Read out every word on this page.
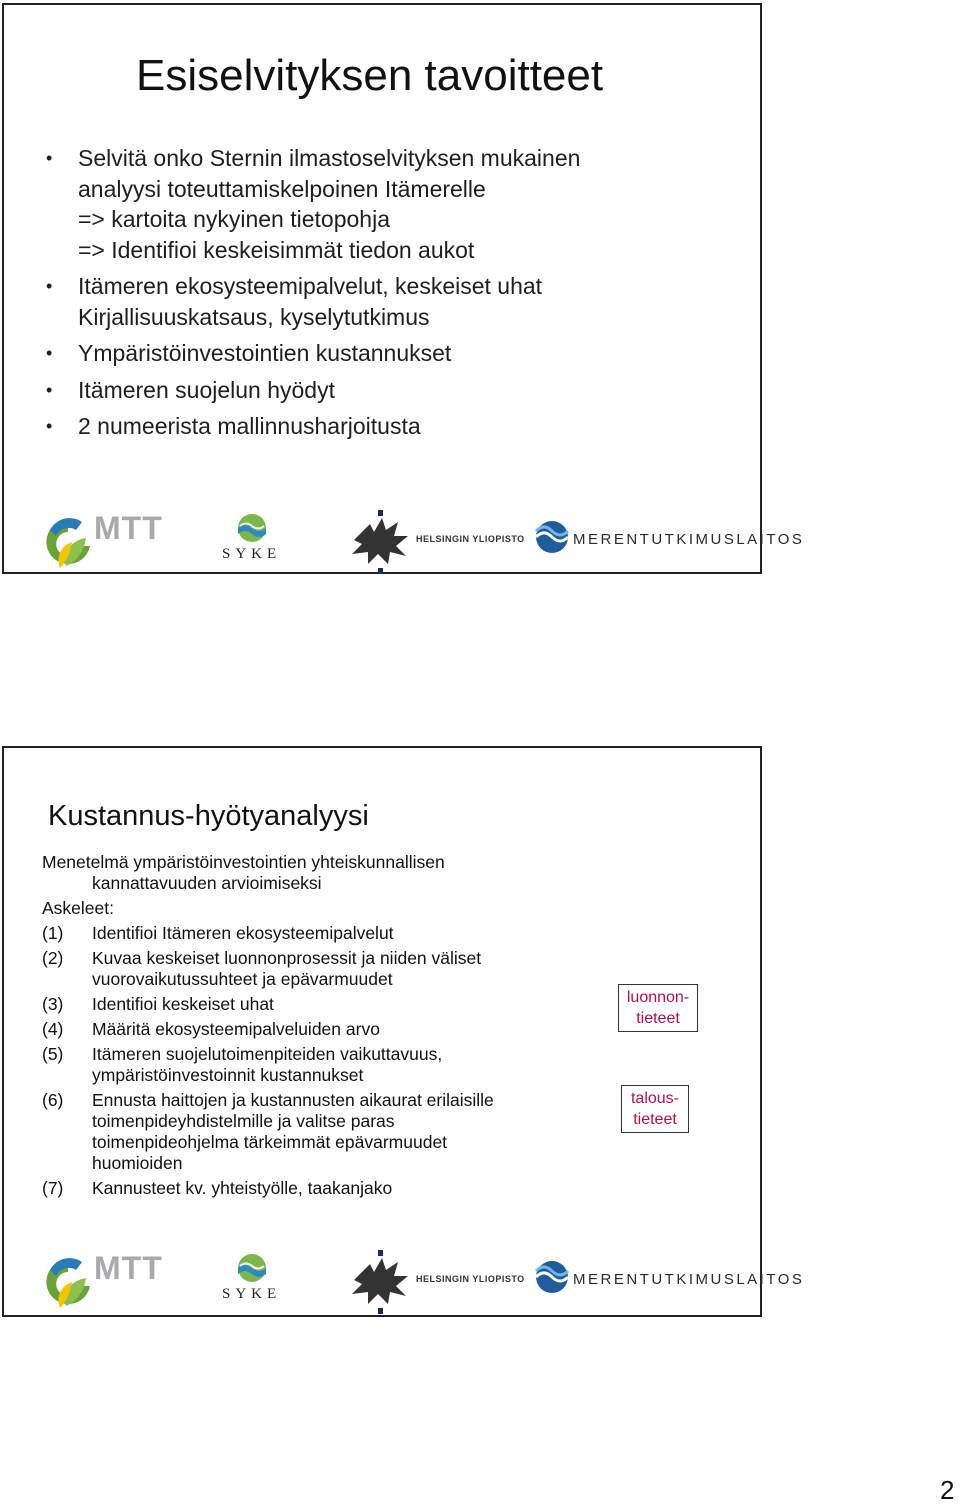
Esiselvityksen tavoitteet
• Selvitä onko Sternin ilmastoselvityksen mukainen
analyysi toteuttamiskelpoinen Itämerelle
=> kartoita nykyinen tietopohja
=> Identifioi keskeisimmät tiedon aukot
• Itämeren ekosysteemipalvelut, keskeiset uhat
Kirjallisuuskatsaus, kyselytutkimus
• Ympäristöinvestointien kustannukset
• Itämeren suojelun hyödyt
• 2 numeerista mallinnusharjoitusta
MTT
SYKE
HELSINGIN YLIOPISTO	MERENTUTKIMUSLAITOS
Kustannus-hyötyanalyysi
Menetelmä ympäristöinvestointien yhteiskunnallisen
kannattavuuden arvioimiseksi
Askeleet:
(1)	Identifioi Itämeren ekosysteemipalvelut
(2)	Kuvaa keskeiset luonnonprosessit ja niiden väliset
vuorovaikutussuhteet ja epävarmuudet
(3)	Identifioi keskeiset uhat
(4)	Määritä ekosysteemipalveluiden arvo
(5)	Itämeren suojelutoimenpiteiden vaikuttavuus,
ympäristöinvestoinnit kustannukset
(6)	Ennusta haittojen ja kustannusten aikaurat erilaisille
toimenpideyhdistelmille ja valitse paras
toimenpideohjelma tärkeimmät epävarmuudet
huomioiden
(7)	Kannusteet kv. yhteistyölle, taakanjako
luonnon-
tieteet
talous-
tieteet
MTT
SYKE
HELSINGIN YLIOPISTO	MERENTUTKIMUSLAITOS
2
